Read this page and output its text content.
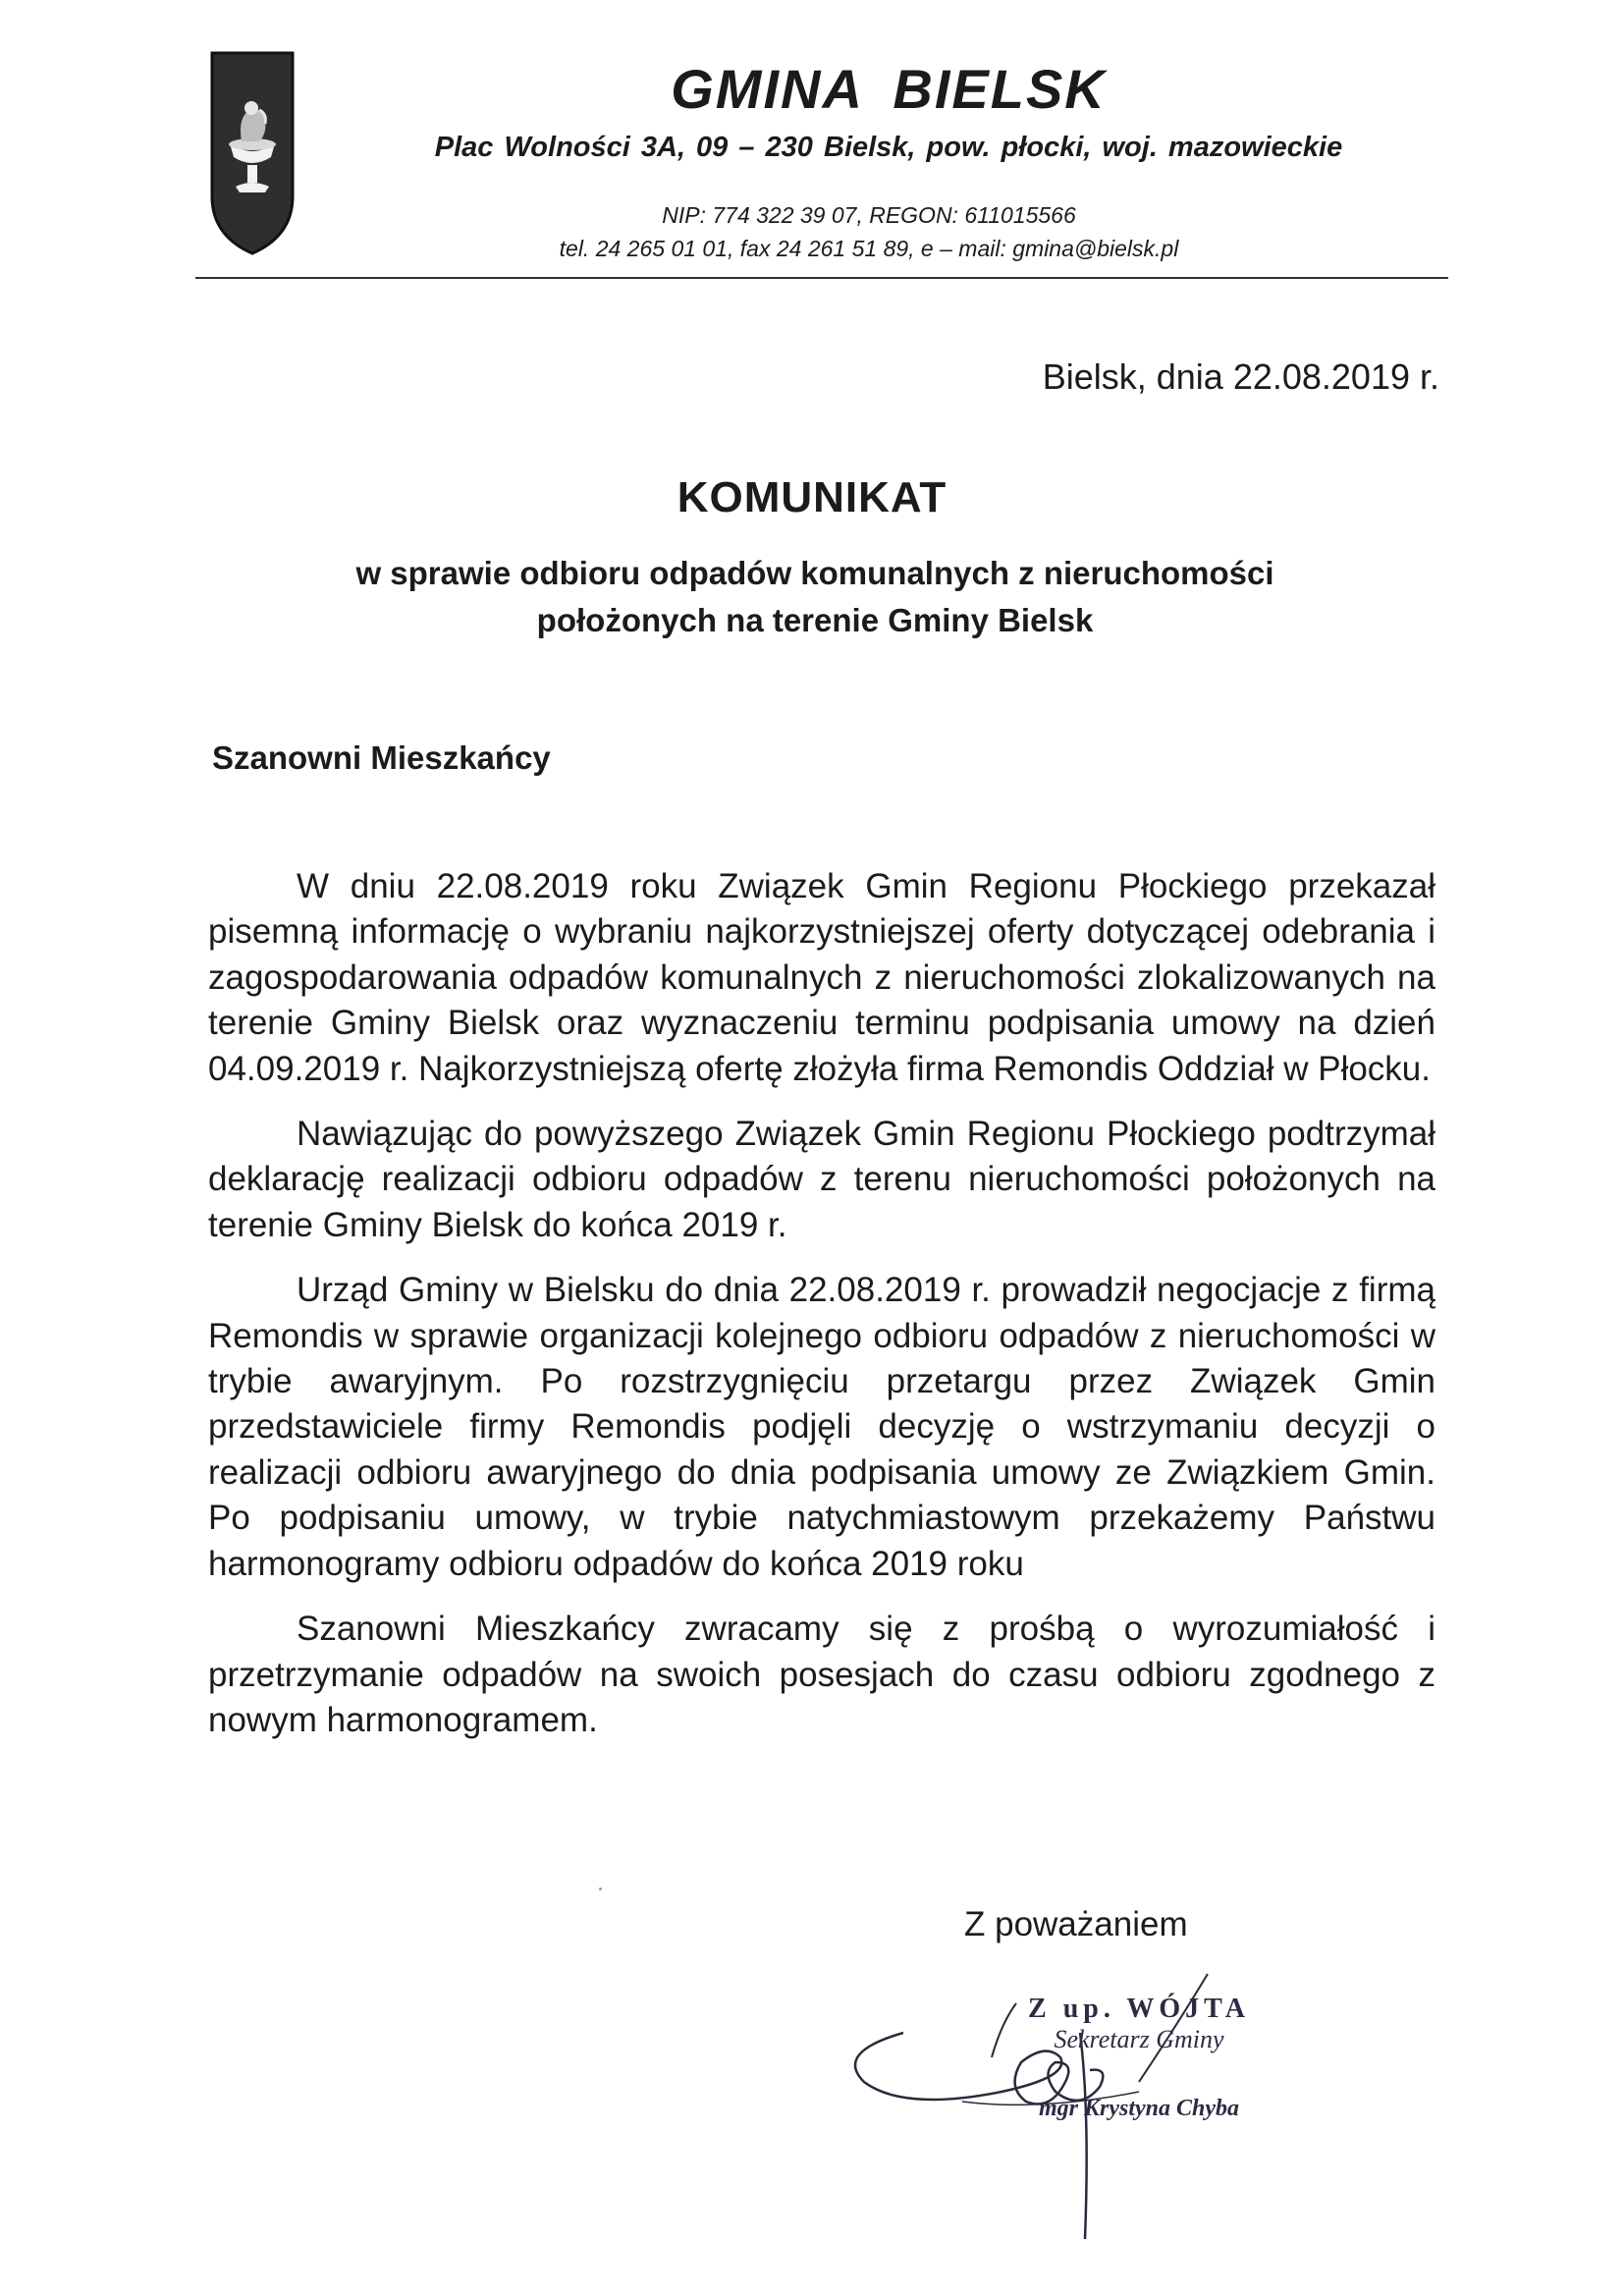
GMINA BIELSK

Plac Wolności 3A, 09 – 230 Bielsk, pow. płocki, woj. mazowieckie

NIP: 774 322 39 07, REGON: 611015566

tel. 24 265 01 01, fax 24 261 51 89, e – mail: gmina@bielsk.pl

Bielsk, dnia 22.08.2019 r.
KOMUNIKAT
w sprawie odbioru odpadów komunalnych z nieruchomości
położonych na terenie Gminy Bielsk
Szanowni Mieszkańcy

W dniu 22.08.2019 roku Związek Gmin Regionu Płockiego przekazał pisemną informację o wybraniu najkorzystniejszej oferty dotyczącej odebrania i zagospodarowania odpadów komunalnych z nieruchomości zlokalizowanych na terenie Gminy Bielsk oraz wyznaczeniu terminu podpisania umowy na dzień 04.09.2019 r. Najkorzystniejszą ofertę złożyła firma Remondis Oddział w Płocku.

Nawiązując do powyższego Związek Gmin Regionu Płockiego podtrzymał deklarację realizacji odbioru odpadów z terenu nieruchomości położonych na terenie Gminy Bielsk do końca 2019 r.

Urząd Gminy w Bielsku do dnia 22.08.2019 r. prowadził negocjacje z firmą Remondis w sprawie organizacji kolejnego odbioru odpadów z nieruchomości w trybie awaryjnym. Po rozstrzygnięciu przetargu przez Związek Gmin przedstawiciele firmy Remondis podjęli decyzję o wstrzymaniu decyzji o realizacji odbioru awaryjnego do dnia podpisania umowy ze Związkiem Gmin. Po podpisaniu umowy, w trybie natychmiastowym przekażemy Państwu harmonogramy odbioru odpadów do końca 2019 roku

Szanowni Mieszkańcy zwracamy się z prośbą o wyrozumiałość i przetrzymanie odpadów na swoich posesjach do czasu odbioru zgodnego z nowym harmonogramem.

Z poważaniem
Z up. WÓJTA
Sekretarz Gminy
mgr Krystyna Chyba
